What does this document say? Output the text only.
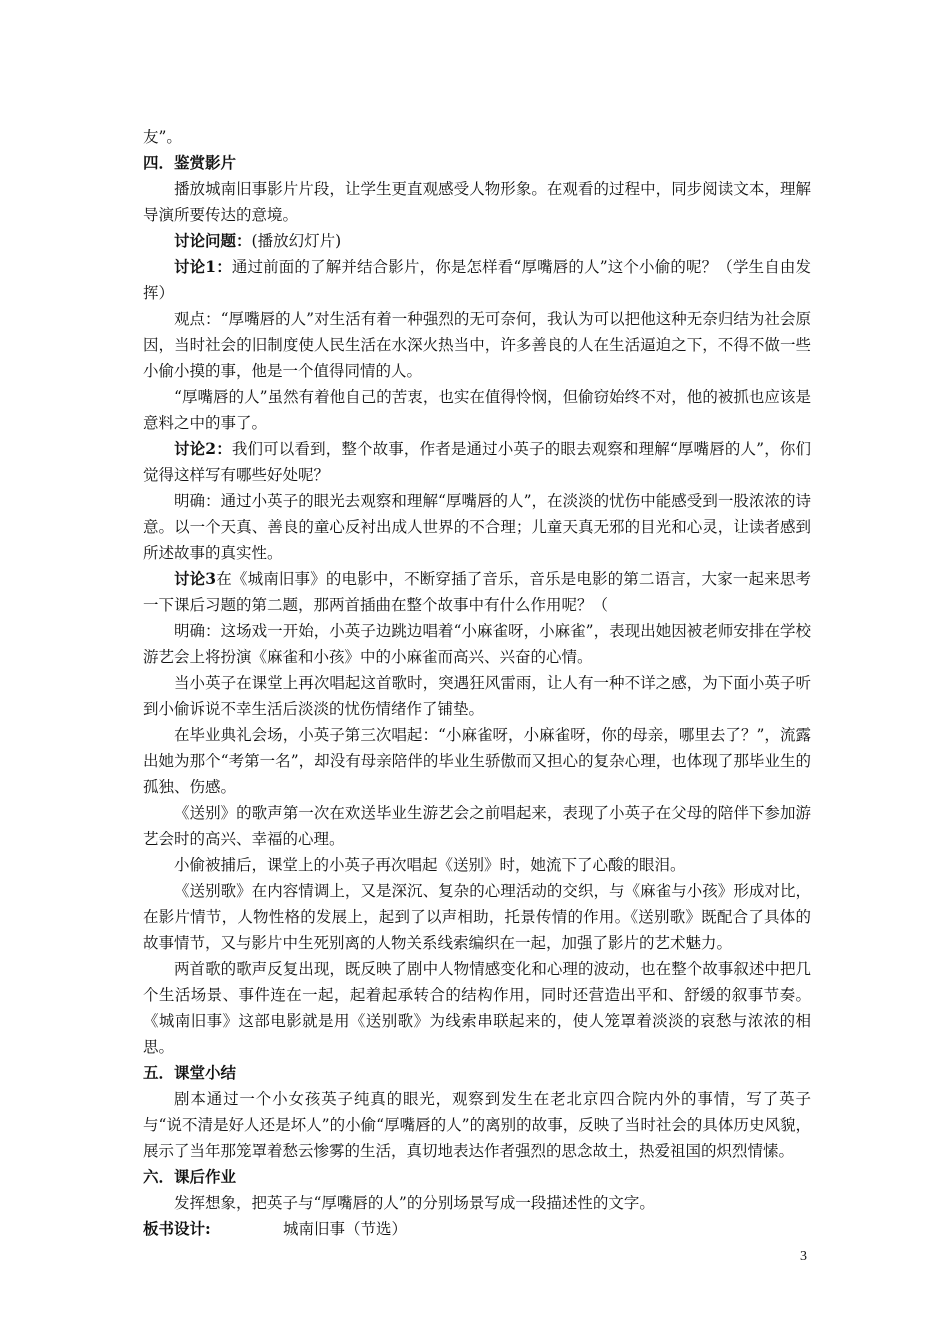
友”。

四．鉴赏影片

播放城南旧事影片片段，让学生更直观感受人物形象。在观看的过程中，同步阅读文本，理解导演所要传达的意境。

讨论问题：(播放幻灯片)

讨论1：通过前面的了解并结合影片，你是怎样看“厚嘴唇的人”这个小偷的呢？（学生自由发挥）

观点：“厚嘴唇的人”对生活有着一种强烈的无可奈何，我认为可以把他这种无奈归结为社会原因，当时社会的旧制度使人民生活在水深火热当中，许多善良的人在生活逼迫之下，不得不做一些小偷小摸的事，他是一个值得同情的人。

“厚嘴唇的人”虽然有着他自己的苦衷，也实在值得怜悯，但偷窃始终不对，他的被抓也应该是意料之中的事了。

讨论2：我们可以看到，整个故事，作者是通过小英子的眼去观察和理解“厚嘴唇的人”，你们觉得这样写有哪些好处呢？

明确：通过小英子的眼光去观察和理解“厚嘴唇的人”，在淡淡的忧伤中能感受到一股浓浓的诗意。以一个天真、善良的童心反衬出成人世界的不合理；儿童天真无邪的目光和心灵，让读者感到所述故事的真实性。

讨论3在《城南旧事》的电影中，不断穿插了音乐，音乐是电影的第二语言，大家一起来思考一下课后习题的第二题，那两首插曲在整个故事中有什么作用呢？（

明确：这场戏一开始，小英子边跳边唱着“小麻雀呀，小麻雀”，表现出她因被老师安排在学校游艺会上将扮演《麻雀和小孩》中的小麻雀而高兴、兴奋的心情。

当小英子在课堂上再次唱起这首歌时，突遇狂风雷雨，让人有一种不详之感，为下面小英子听到小偷诉说不幸生活后淡淡的忧伤情绪作了铺垫。

在毕业典礼会场，小英子第三次唱起：“小麻雀呀，小麻雀呀，你的母亲，哪里去了？”，流露出她为那个“考第一名”，却没有母亲陪伴的毕业生骄傲而又担心的复杂心理，也体现了那毕业生的孤独、伤感。

《送别》的歌声第一次在欢送毕业生游艺会之前唱起来，表现了小英子在父母的陪伴下参加游艺会时的高兴、幸福的心理。

小偷被捕后，课堂上的小英子再次唱起《送别》时，她流下了心酸的眼泪。

《送别歌》在内容情调上，又是深沉、复杂的心理活动的交织，与《麻雀与小孩》形成对比，在影片情节，人物性格的发展上，起到了以声相助，托景传情的作用。《送别歌》既配合了具体的故事情节，又与影片中生死别离的人物关系线索编织在一起，加强了影片的艺术魅力。

两首歌的歌声反复出现，既反映了剧中人物情感变化和心理的波动，也在整个故事叙述中把几个生活场景、事件连在一起，起着起承转合的结构作用，同时还营造出平和、舒缓的叙事节奏。《城南旧事》这部电影就是用《送别歌》为线索串联起来的，使人笼罩着淡淡的哀愁与浓浓的相思。

五．课堂小结

剧本通过一个小女孩英子纯真的眼光，观察到发生在老北京四合院内外的事情，写了英子与“说不清是好人还是坏人”的小偷“厚嘴唇的人”的离别的故事，反映了当时社会的具体历史风貌，展示了当年那笼罩着愁云惨雾的生活，真切地表达作者强烈的思念故土，热爱祖国的炽烈情愫。

六．课后作业

发挥想象，把英子与“厚嘴唇的人”的分别场景写成一段描述性的文字。

板书设计:	城南旧事（节选）

3
